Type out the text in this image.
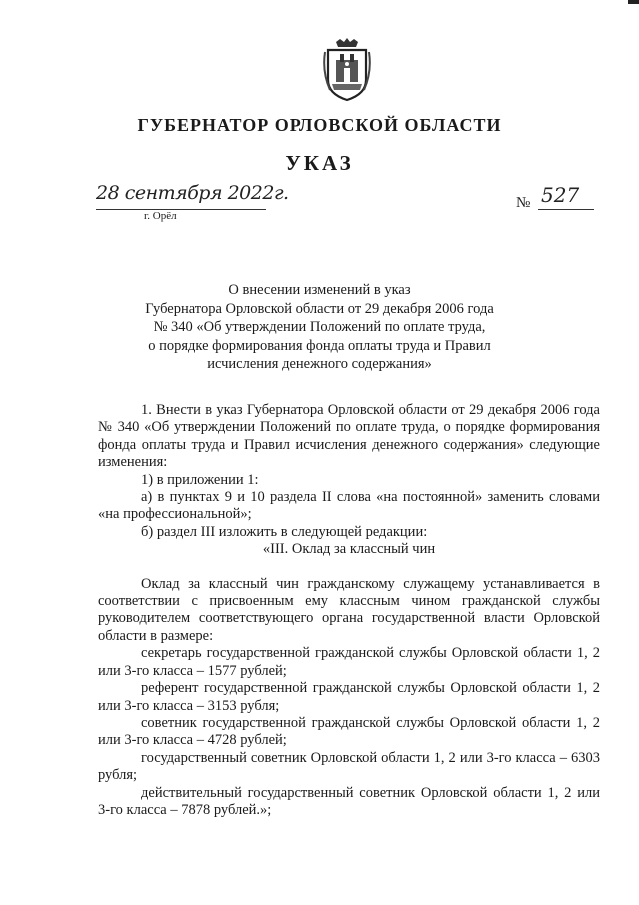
ГУБЕРНАТОР ОРЛОВСКОЙ ОБЛАСТИ
УКАЗ
28 сентября 2022г.
г. Орёл
№ 527
О внесении изменений в указ
Губернатора Орловской области от 29 декабря 2006 года
№ 340 «Об утверждении Положений по оплате труда,
о порядке формирования фонда оплаты труда и Правил
исчисления денежного содержания»

1. Внести в указ Губернатора Орловской области от 29 декабря 2006 года № 340 «Об утверждении Положений по оплате труда, о порядке формирования фонда оплаты труда и Правил исчисления денежного содержания» следующие изменения:

1) в приложении 1:

а) в пунктах 9 и 10 раздела II слова «на постоянной» заменить словами «на профессиональной»;

б) раздел III изложить в следующей редакции:

«III. Оклад за классный чин

Оклад за классный чин гражданскому служащему устанавливается в соответствии с присвоенным ему классным чином гражданской службы руководителем соответствующего органа государственной власти Орловской области в размере:

секретарь государственной гражданской службы Орловской области 1, 2 или 3-го класса – 1577 рублей;

референт государственной гражданской службы Орловской области 1, 2 или 3-го класса – 3153 рубля;

советник государственной гражданской службы Орловской области 1, 2 или 3-го класса – 4728 рублей;

государственный советник Орловской области 1, 2 или 3-го класса – 6303 рубля;

действительный государственный советник Орловской области 1, 2 или 3-го класса – 7878 рублей.»;
